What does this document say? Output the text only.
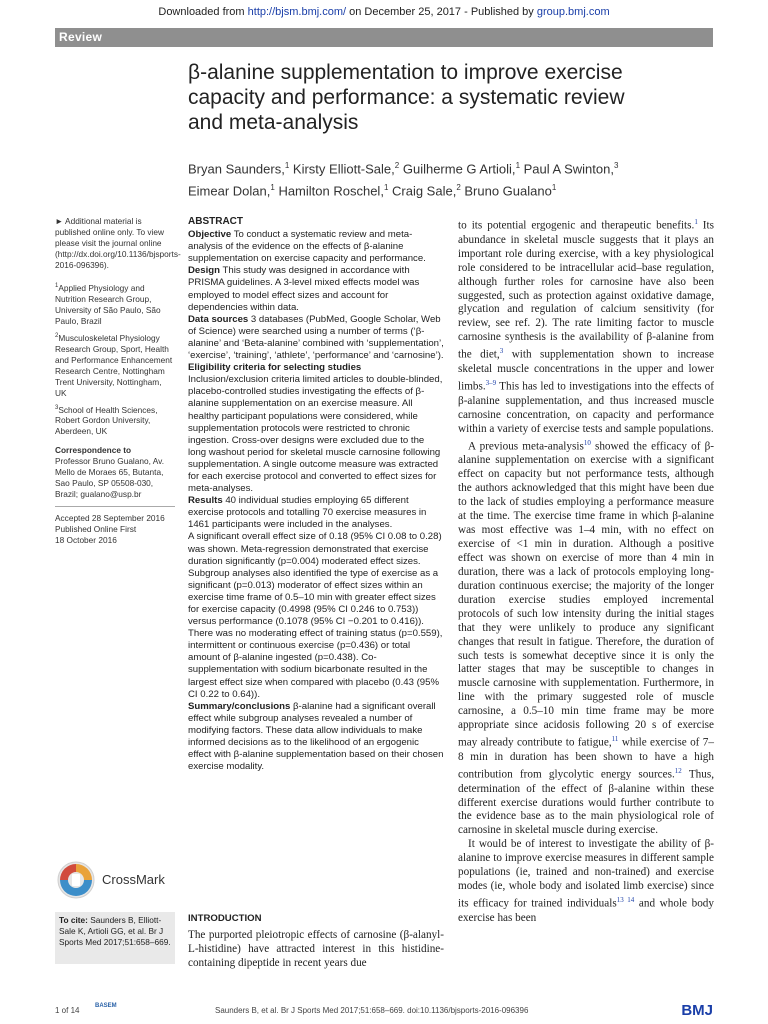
Downloaded from http://bjsm.bmj.com/ on December 25, 2017 - Published by group.bmj.com
Review
β-alanine supplementation to improve exercise capacity and performance: a systematic review and meta-analysis
Bryan Saunders,$^1$ Kirsty Elliott-Sale,$^2$ Guilherme G Artioli,$^1$ Paul A Swinton,$^3$
Eimear Dolan,$^1$ Hamilton Roschel,$^1$ Craig Sale,$^2$ Bruno Gualano$^1$
► Additional material is published online only. To view please visit the journal online (http://dx.doi.org/10.1136/bjsports-2016-096396).
$^1$Applied Physiology and Nutrition Research Group, University of São Paulo, São Paulo, Brazil
$^2$Musculoskeletal Physiology Research Group, Sport, Health and Performance Enhancement Research Centre, Nottingham Trent University, Nottingham, UK
$^3$School of Health Sciences, Robert Gordon University, Aberdeen, UK
Correspondence to
Professor Bruno Gualano, Av. Mello de Moraes 65, Butanta, Sao Paulo, SP 05508-030, Brazil; gualano@usp.br
Accepted 28 September 2016
Published Online First
18 October 2016
CrossMark
To cite: Saunders B, Elliott-Sale K, Artioli GG, et al. Br J Sports Med 2017;51:658–669.
ABSTRACT

Objective To conduct a systematic review and meta-analysis of the evidence on the effects of β-alanine supplementation on exercise capacity and performance.

Design This study was designed in accordance with PRISMA guidelines. A 3-level mixed effects model was employed to model effect sizes and account for dependencies within data.

Data sources 3 databases (PubMed, Google Scholar, Web of Science) were searched using a number of terms (‘β-alanine’ and ‘Beta-alanine’ combined with ‘supplementation’, ‘exercise’, ‘training’, ‘athlete’, ‘performance’ and ‘carnosine’).

Eligibility criteria for selecting studies Inclusion/exclusion criteria limited articles to double-blinded, placebo-controlled studies investigating the effects of β-alanine supplementation on an exercise measure. All healthy participant populations were considered, while supplementation protocols were restricted to chronic ingestion. Cross-over designs were excluded due to the long washout period for skeletal muscle carnosine following supplementation. A single outcome measure was extracted for each exercise protocol and converted to effect sizes for meta-analyses.

Results 40 individual studies employing 65 different exercise protocols and totalling 70 exercise measures in 1461 participants were included in the analyses.

A significant overall effect size of 0.18 (95% CI 0.08 to 0.28) was shown. Meta-regression demonstrated that exercise duration significantly (p=0.004) moderated effect sizes. Subgroup analyses also identified the type of exercise as a significant (p=0.013) moderator of effect sizes within an exercise time frame of 0.5–10 min with greater effect sizes for exercise capacity (0.4998 (95% CI 0.246 to 0.753)) versus performance (0.1078 (95% CI −0.201 to 0.416)). There was no moderating effect of training status (p=0.559), intermittent or continuous exercise (p=0.436) or total amount of β-alanine ingested (p=0.438). Co-supplementation with sodium bicarbonate resulted in the largest effect size when compared with placebo (0.43 (95% CI 0.22 to 0.64)).

Summary/conclusions β-alanine had a significant overall effect while subgroup analyses revealed a number of modifying factors. These data allow individuals to make informed decisions as to the likelihood of an ergogenic effect with β-alanine supplementation based on their chosen exercise modality.

INTRODUCTION

The purported pleiotropic effects of carnosine (β-alanyl-L-histidine) have attracted interest in this histidine-containing dipeptide in recent years due

to its potential ergogenic and therapeutic benefits.$^1$ Its abundance in skeletal muscle suggests that it plays an important role during exercise, with a key physiological role considered to be intracellular acid–base regulation, although further roles for carnosine have also been suggested, such as protection against oxidative damage, glycation and regulation of calcium sensitivity (for review, see ref. 2). The rate limiting factor to muscle carnosine synthesis is the availability of β-alanine from the diet,$^3$ with supplementation shown to increase skeletal muscle concentrations in the upper and lower limbs.$^{3-9}$ This has led to investigations into the effects of β-alanine supplementation, and thus increased muscle carnosine concentration, on capacity and performance within a variety of exercise tests and sample populations.

A previous meta-analysis$^{10}$ showed the efficacy of β-alanine supplementation on exercise with a significant effect on capacity but not performance tests, although the authors acknowledged that this might have been due to the lack of studies employing a performance measure at the time. The exercise time frame in which β-alanine was most effective was 1–4 min, with no effect on exercise of <1 min in duration. Although a positive effect was shown on exercise of more than 4 min in duration, there was a lack of protocols employing long-duration continuous exercise; the majority of the longer duration exercise studies employed incremental protocols of such low intensity during the initial stages that they were unlikely to produce any significant changes that result in fatigue. Therefore, the duration of such tests is somewhat deceptive since it is only the latter stages that may be susceptible to changes in muscle carnosine with supplementation. Furthermore, in line with the primary suggested role of muscle carnosine, a 0.5–10 min time frame may be more appropriate since acidosis following 20 s of exercise may already contribute to fatigue,$^{11}$ while exercise of 7–8 min in duration has been shown to have a high contribution from glycolytic energy sources.$^{12}$ Thus, determination of the effect of β-alanine within these different exercise durations would further contribute to the evidence base as to the main physiological role of carnosine in skeletal muscle during exercise.

It would be of interest to investigate the ability of β-alanine to improve exercise measures in different sample populations (ie, trained and non-trained) and exercise modes (ie, whole body and isolated limb exercise) since its efficacy for trained individuals$^{13 14}$ and whole body exercise has been

1 of 14	BASEM	Saunders B, et al. Br J Sports Med 2017;51:658–669. doi:10.1136/bjsports-2016-096396	BMJ
